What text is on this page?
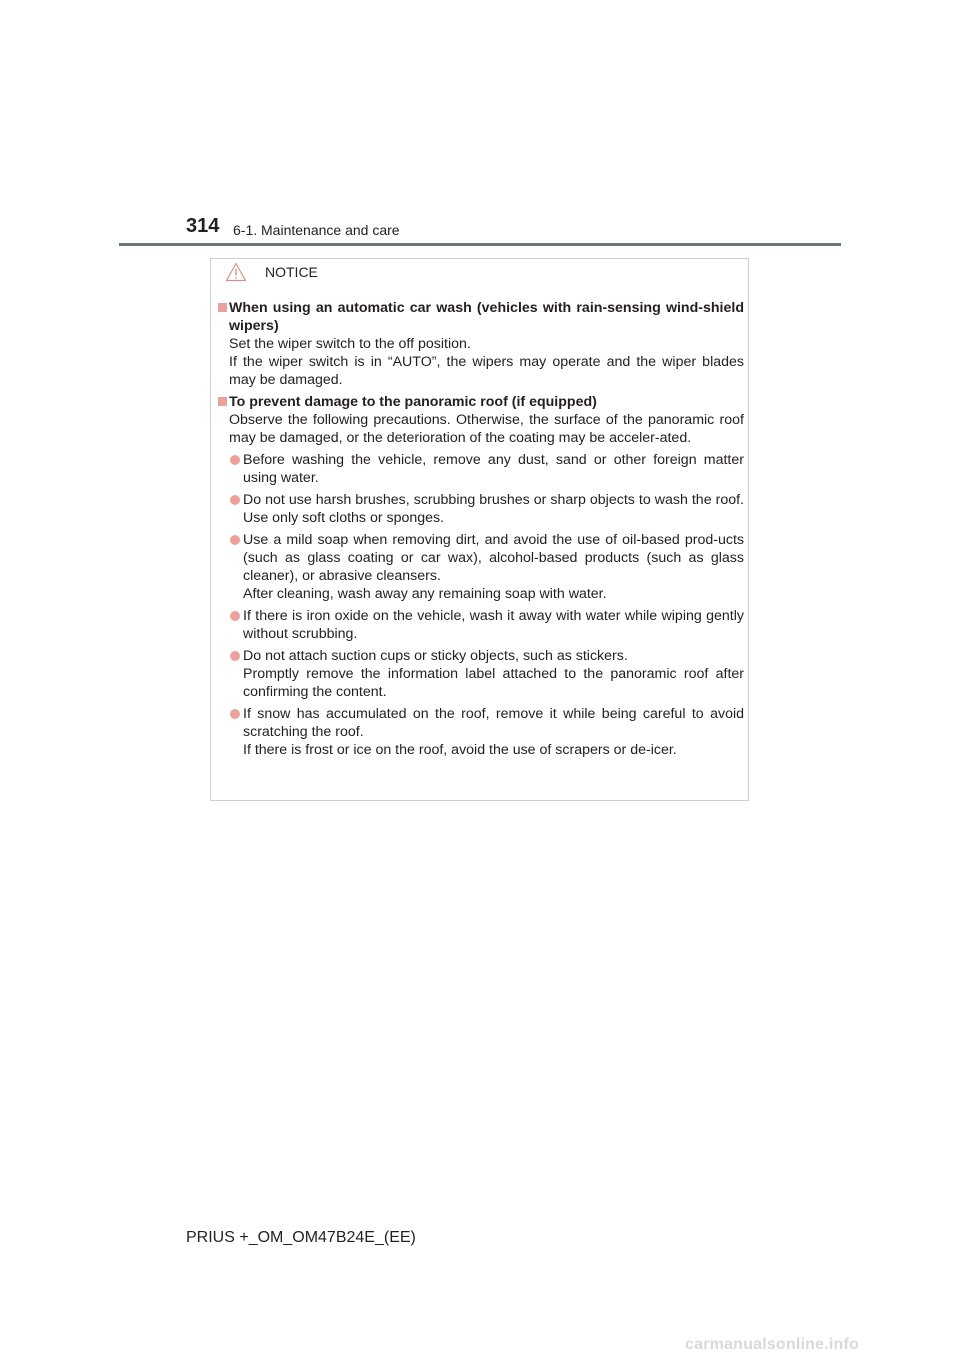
314 6-1. Maintenance and care
NOTICE
When using an automatic car wash (vehicles with rain-sensing wind-shield wipers)
Set the wiper switch to the off position.
If the wiper switch is in “AUTO”, the wipers may operate and the wiper blades may be damaged.
To prevent damage to the panoramic roof (if equipped)
Observe the following precautions. Otherwise, the surface of the panoramic roof may be damaged, or the deterioration of the coating may be acceler-ated.
Before washing the vehicle, remove any dust, sand or other foreign matter using water.
Do not use harsh brushes, scrubbing brushes or sharp objects to wash the roof. Use only soft cloths or sponges.
Use a mild soap when removing dirt, and avoid the use of oil-based prod-ucts (such as glass coating or car wax), alcohol-based products (such as glass cleaner), or abrasive cleansers.
After cleaning, wash away any remaining soap with water.
If there is iron oxide on the vehicle, wash it away with water while wiping gently without scrubbing.
Do not attach suction cups or sticky objects, such as stickers.
Promptly remove the information label attached to the panoramic roof after confirming the content.
If snow has accumulated on the roof, remove it while being careful to avoid scratching the roof.
If there is frost or ice on the roof, avoid the use of scrapers or de-icer.
PRIUS +_OM_OM47B24E_(EE)
carmanualsonline.info
